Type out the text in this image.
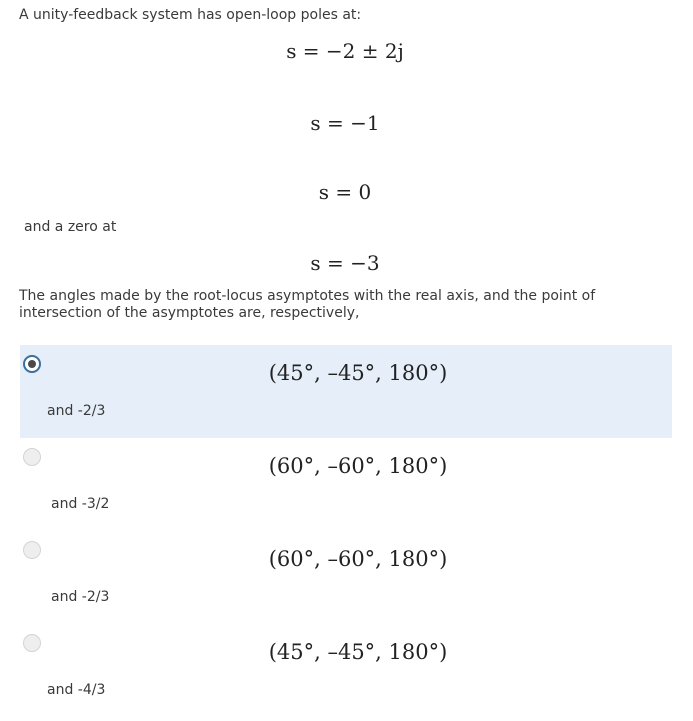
A unity-feedback system has open-loop poles at:
s = −2 ± 2j
s = −1
s = 0
and a zero at
s = −3
The angles made by the root-locus asymptotes with the real axis, and the point of intersection of the asymptotes are, respectively,
(45°, –45°, 180°)
and -2/3
(60°, –60°, 180°)
and -3/2
(60°, –60°, 180°)
and -2/3
(45°, –45°, 180°)
and -4/3
